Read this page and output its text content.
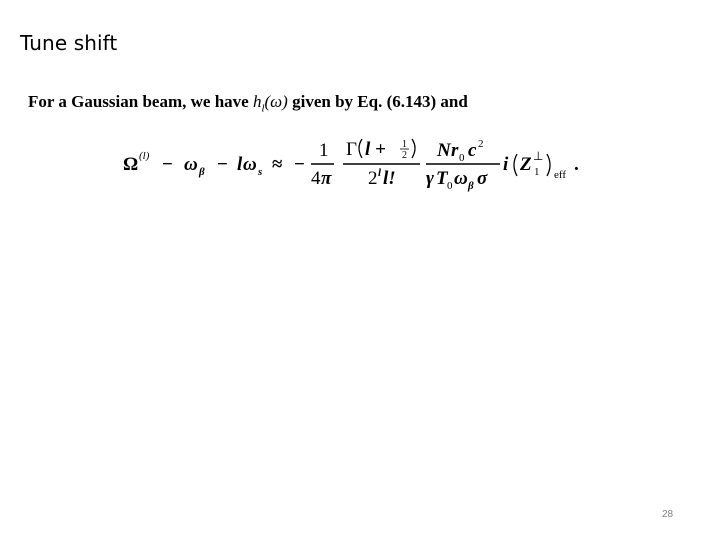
Tune shift
For a Gaussian beam, we have $h_l(\omega)$ given by Eq. (6.143) and
Ω (l) − ω β − l ω s ≈ −
1
4 π
Γ l + 1
2
2 l l!
N r 0 c 2
γ T 0 ω β σ
i Z 1
⊥
eff .
28
